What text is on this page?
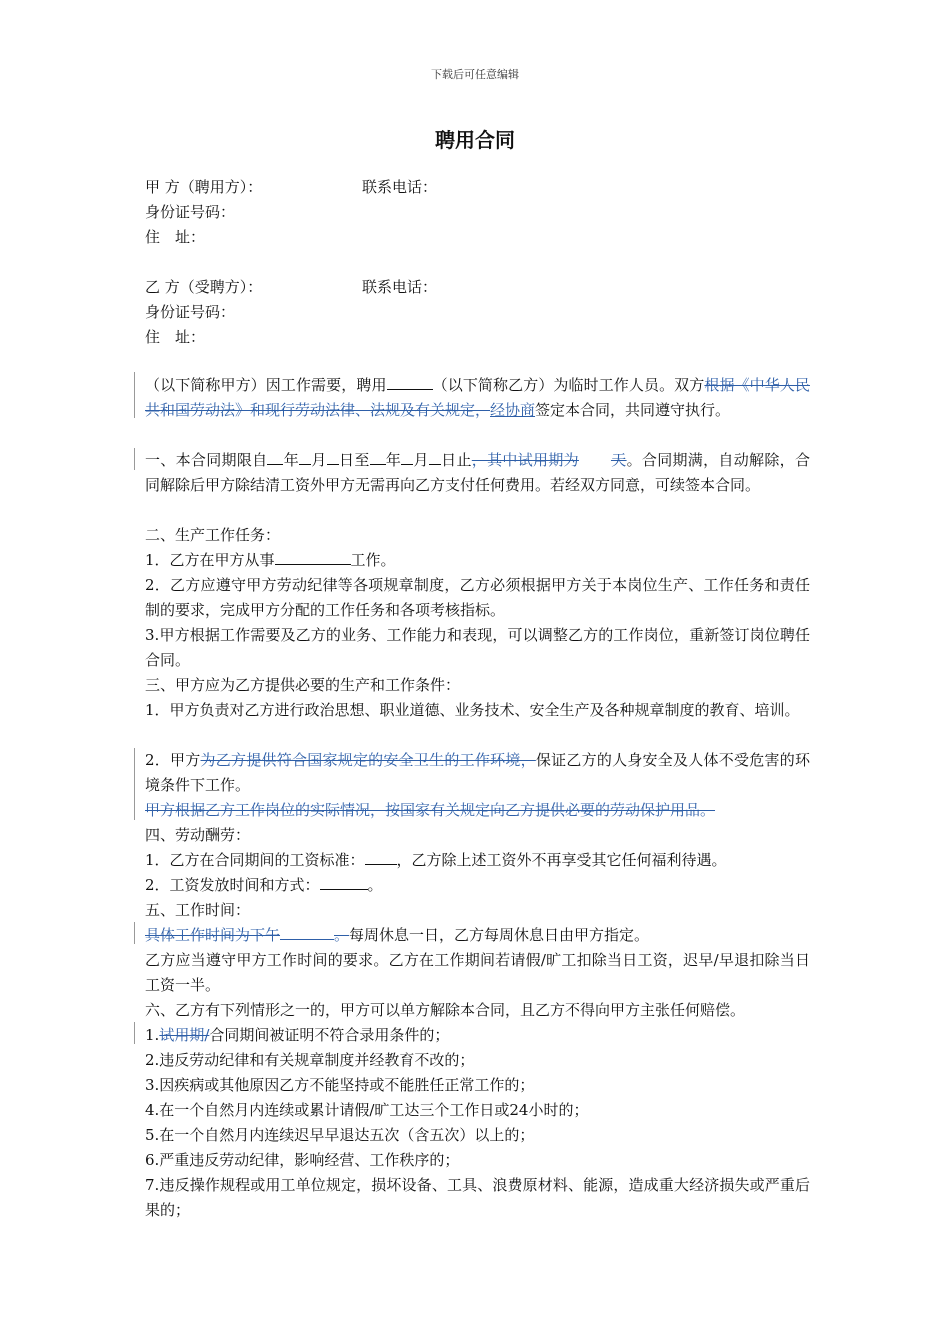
下载后可任意编辑
聘用合同
甲 方（聘用方）：	联系电话：
身份证号码：
住　址：
乙 方（受聘方）：	联系电话：
身份证号码：
住　址：
（以下简称甲方）因工作需要，聘用	（以下简称乙方）为临时工作人员。双方根据《中华人民共和国劳动法》和现行劳动法律、法规及有关规定，经协商签定本合同，共同遵守执行。
一、本合同期限自 年 月 日至 年 月 日止，其中试用期为 天。合同期满，自动解除，合同解除后甲方除结清工资外甲方无需再向乙方支付任何费用。若经双方同意，可续签本合同。
二、生产工作任务：
1．乙方在甲方从事	工作。
2．乙方应遵守甲方劳动纪律等各项规章制度，乙方必须根据甲方关于本岗位生产、工作任务和责任制的要求，完成甲方分配的工作任务和各项考核指标。
3.甲方根据工作需要及乙方的业务、工作能力和表现，可以调整乙方的工作岗位，重新签订岗位聘任合同。
三、甲方应为乙方提供必要的生产和工作条件：
1．甲方负责对乙方进行政治思想、职业道德、业务技术、安全生产及各种规章制度的教育、培训。
2．甲方为乙方提供符合国家规定的安全卫生的工作环境，保证乙方的人身安全及人体不受危害的环境条件下工作。
甲方根据乙方工作岗位的实际情况，按国家有关规定向乙方提供必要的劳动保护用品。
四、劳动酬劳：
1．乙方在合同期间的工资标准： ，乙方除上述工资外不再享受其它任何福利待遇。
2．工资发放时间和方式：	。
五、工作时间：
具体工作时间为下午	。每周休息一日，乙方每周休息日由甲方指定。
乙方应当遵守甲方工作时间的要求。乙方在工作期间若请假/旷工扣除当日工资，迟早/早退扣除当日工资一半。
六、乙方有下列情形之一的，甲方可以单方解除本合同，且乙方不得向甲方主张任何赔偿。
1.试用期/合同期间被证明不符合录用条件的；
2.违反劳动纪律和有关规章制度并经教育不改的；
3.因疾病或其他原因乙方不能坚持或不能胜任正常工作的；
4.在一个自然月内连续或累计请假/旷工达三个工作日或24小时的；
5.在一个自然月内连续迟早早退达五次（含五次）以上的；
6.严重违反劳动纪律，影响经营、工作秩序的；
7.违反操作规程或用工单位规定，损坏设备、工具、浪费原材料、能源，造成重大经济损失或严重后果的；
